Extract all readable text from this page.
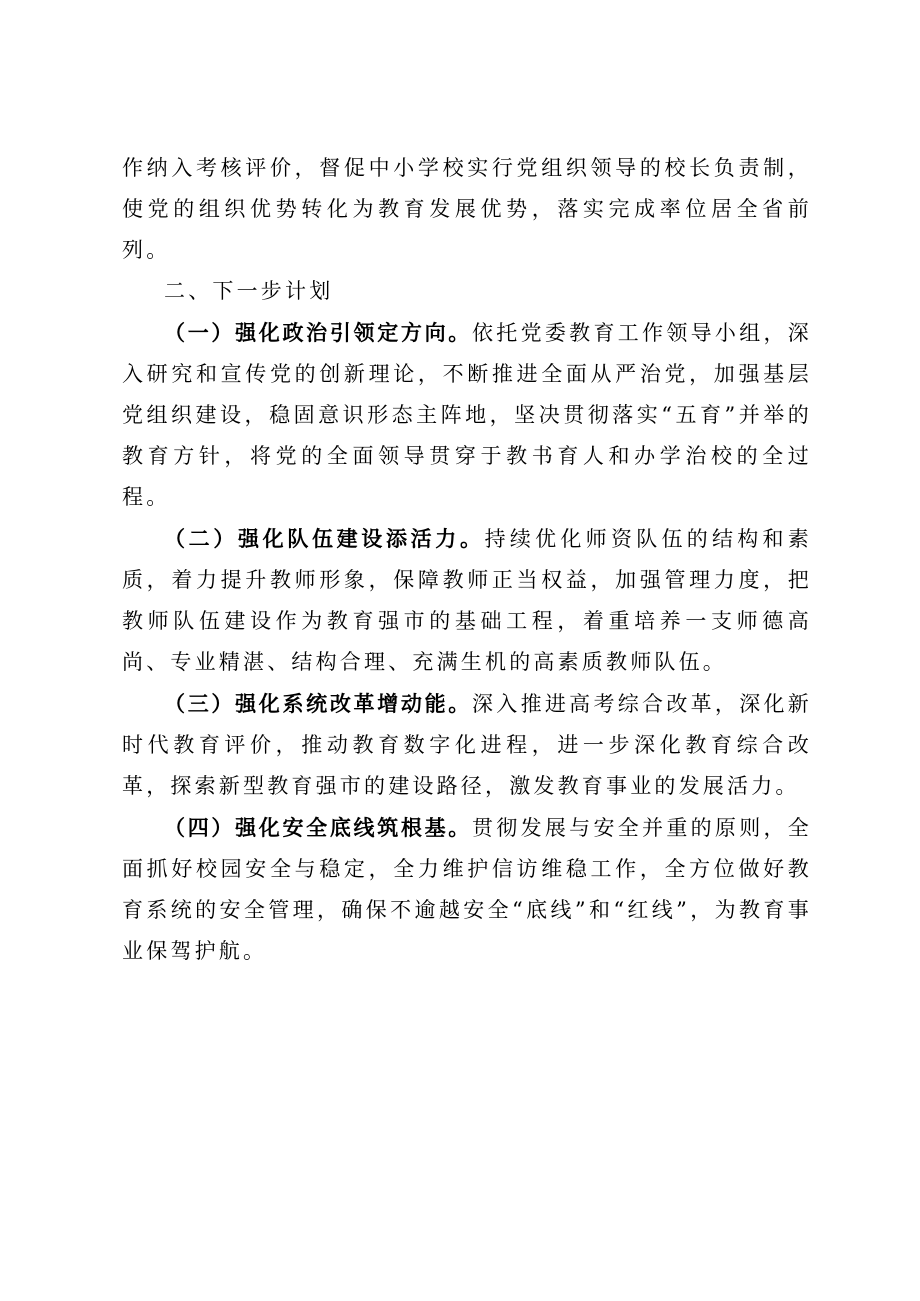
作纳入考核评价，督促中小学校实行党组织领导的校长负责制，使党的组织优势转化为教育发展优势，落实完成率位居全省前列。

二、下一步计划

（一）强化政治引领定方向。依托党委教育工作领导小组，深入研究和宣传党的创新理论，不断推进全面从严治党，加强基层党组织建设，稳固意识形态主阵地，坚决贯彻落实“五育”并举的教育方针，将党的全面领导贯穿于教书育人和办学治校的全过程。

（二）强化队伍建设添活力。持续优化师资队伍的结构和素质，着力提升教师形象，保障教师正当权益，加强管理力度，把教师队伍建设作为教育强市的基础工程，着重培养一支师德高尚、专业精湛、结构合理、充满生机的高素质教师队伍。

（三）强化系统改革增动能。深入推进高考综合改革，深化新时代教育评价，推动教育数字化进程，进一步深化教育综合改革，探索新型教育强市的建设路径，激发教育事业的发展活力。

（四）强化安全底线筑根基。贯彻发展与安全并重的原则，全面抓好校园安全与稳定，全力维护信访维稳工作，全方位做好教育系统的安全管理，确保不逾越安全“底线”和“红线”，为教育事业保驾护航。
